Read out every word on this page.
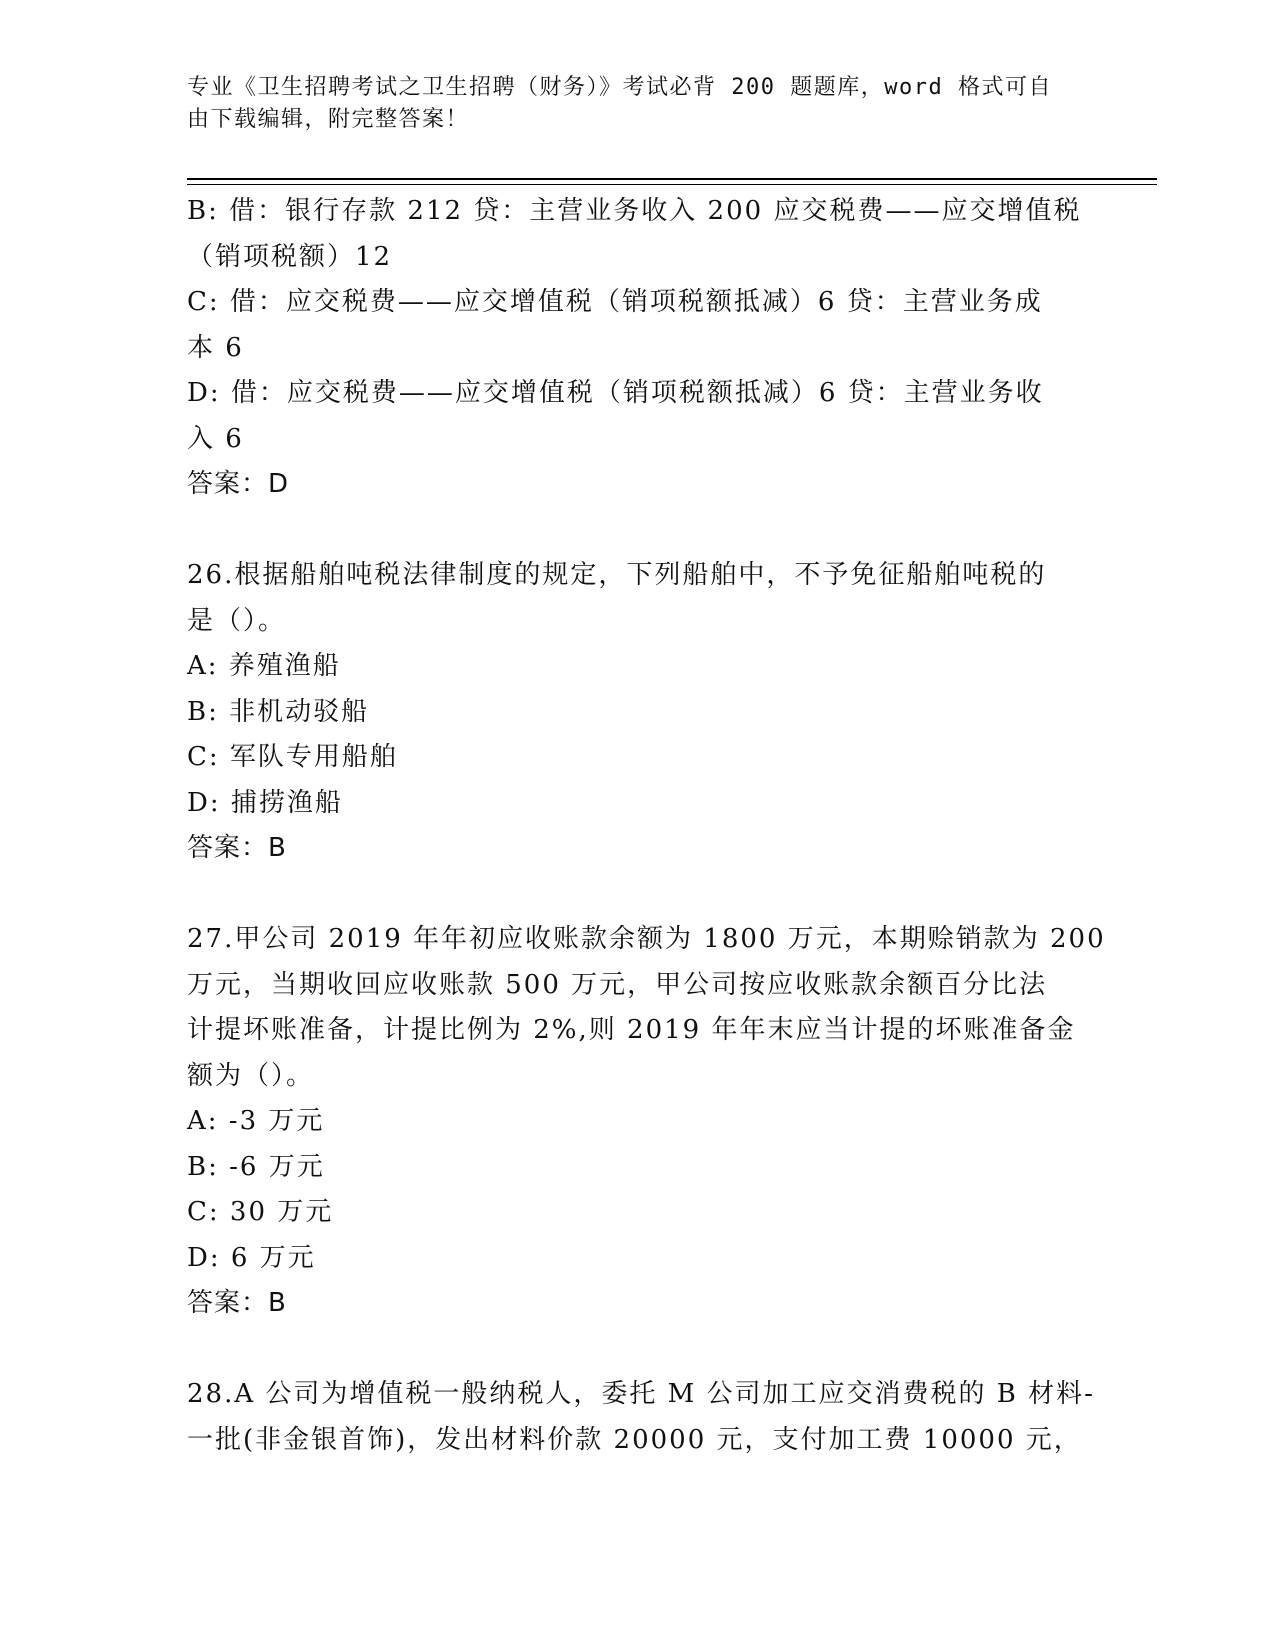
专业《卫生招聘考试之卫生招聘（财务）》考试必背 200 题题库，word 格式可自
由下载编辑，附完整答案！
B: 借：银行存款 212 贷：主营业务收入 200 应交税费——应交增值税
（销项税额）12
C: 借：应交税费——应交增值税（销项税额抵减）6 贷：主营业务成
本 6
D: 借：应交税费——应交增值税（销项税额抵减）6 贷：主营业务收
入 6
答案：D
26.根据船舶吨税法律制度的规定，下列船舶中，不予免征船舶吨税的
是（）。
A: 养殖渔船
B: 非机动驳船
C: 军队专用船舶
D: 捕捞渔船
答案：B
27.甲公司 2019 年年初应收账款余额为 1800 万元，本期赊销款为 200
万元，当期收回应收账款 500 万元，甲公司按应收账款余额百分比法
计提坏账准备，计提比例为 2%,则 2019 年年末应当计提的坏账准备金
额为（）。
A: -3 万元
B: -6 万元
C: 30 万元
D: 6 万元
答案：B
28.A 公司为增值税一般纳税人，委托 M 公司加工应交消费税的 B 材料-
一批(非金银首饰)，发出材料价款 20000 元，支付加工费 10000 元，
